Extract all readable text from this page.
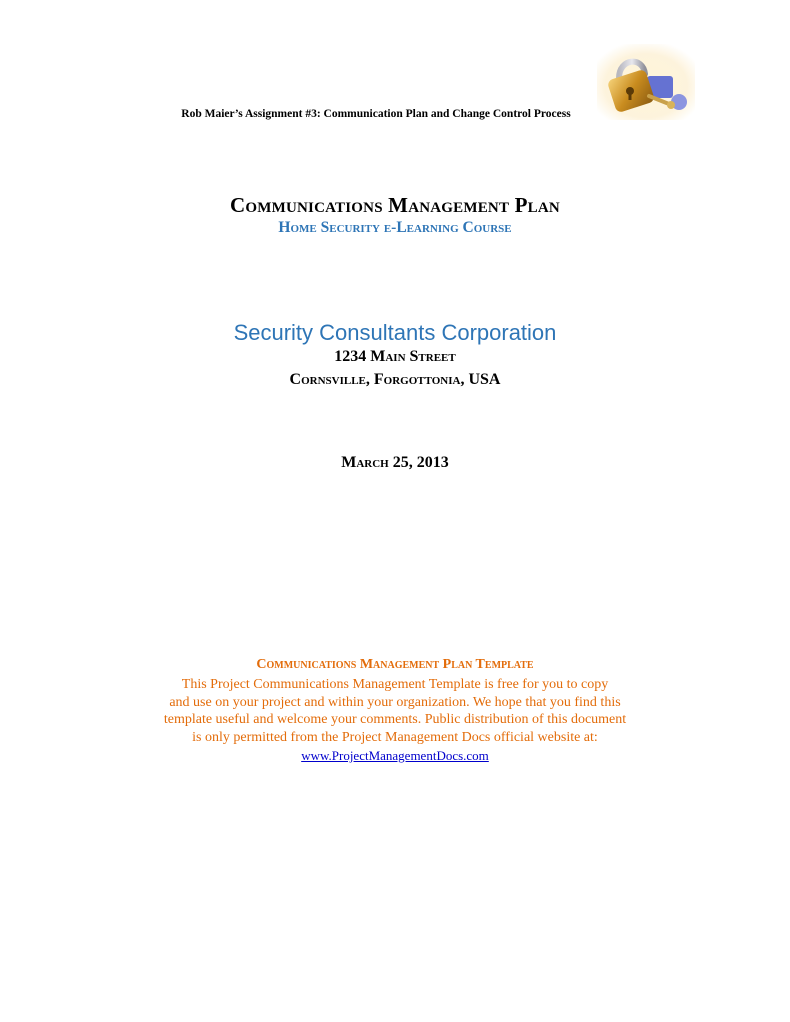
Rob Maier’s Assignment #3: Communication Plan and Change Control Process
Communications Management Plan
Home Security e-Learning Course
Security Consultants Corporation
1234 Main Street
Cornsville, Forgottonia, USA
March 25, 2013
Communications Management Plan Template
This Project Communications Management Template is free for you to copy
and use on your project and within your organization. We hope that you find this
template useful and welcome your comments. Public distribution of this document
is only permitted from the Project Management Docs official website at:
www.ProjectManagementDocs.com
